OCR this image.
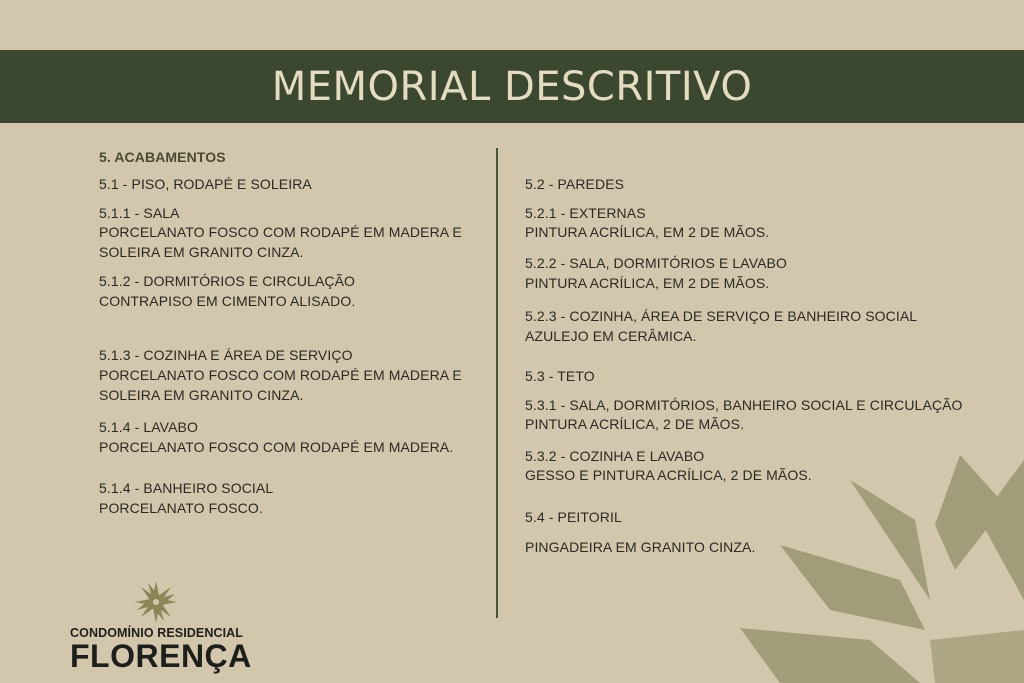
MEMORIAL DESCRITIVO
5. ACABAMENTOS
5.1 - PISO, RODAPÉ E SOLEIRA
5.1.1 - SALA
PORCELANATO FOSCO COM RODAPÉ EM MADERA E
SOLEIRA EM GRANITO CINZA.
5.1.2 - DORMITÓRIOS E CIRCULAÇÃO
CONTRAPISO EM CIMENTO ALISADO.
5.1.3 - COZINHA E ÁREA DE SERVIÇO
PORCELANATO FOSCO COM RODAPÉ EM MADERA E
SOLEIRA EM GRANITO CINZA.
5.1.4 - LAVABO
PORCELANATO FOSCO COM RODAPÉ EM MADERA.
5.1.4 - BANHEIRO SOCIAL
PORCELANATO FOSCO.
5.2 - PAREDES
5.2.1 - EXTERNAS
PINTURA ACRÍLICA, EM 2 DE MÃOS.
5.2.2 - SALA, DORMITÓRIOS E LAVABO
PINTURA ACRÍLICA, EM 2 DE MÃOS.
5.2.3 - COZINHA, ÁREA DE SERVIÇO E BANHEIRO SOCIAL
AZULEJO EM CERÂMICA.
5.3 - TETO
5.3.1 - SALA, DORMITÓRIOS, BANHEIRO SOCIAL E CIRCULAÇÃO
PINTURA ACRÍLICA, 2 DE MÃOS.
5.3.2 - COZINHA E LAVABO
GESSO E PINTURA ACRÍLICA, 2 DE MÃOS.
5.4 - PEITORIL
PINGADEIRA EM GRANITO CINZA.
CONDOMÍNIO RESIDENCIAL
FLORENÇA
